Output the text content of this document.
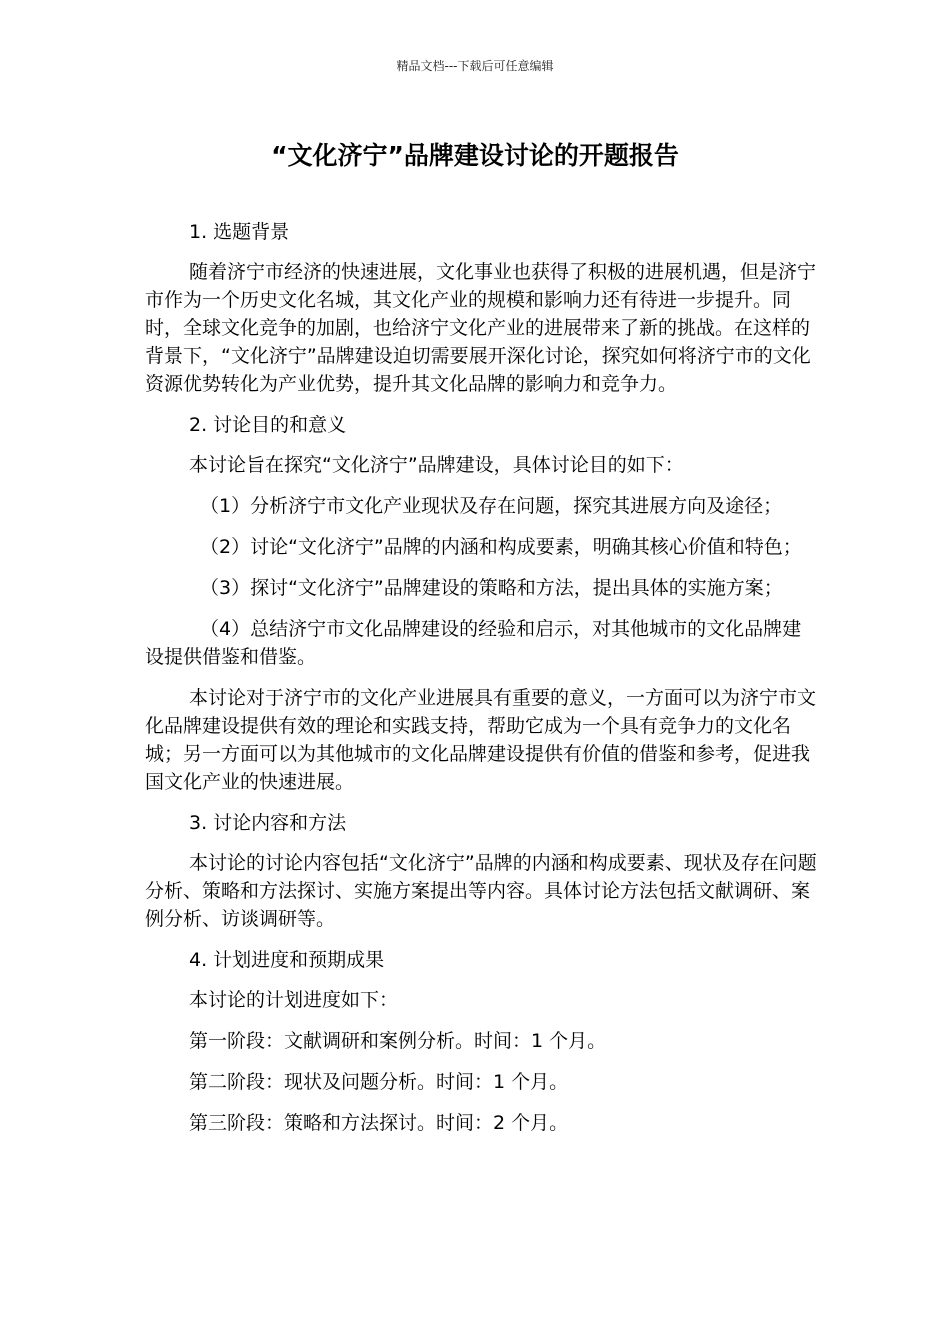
精品文档---下载后可任意编辑
“文化济宁”品牌建设讨论的开题报告

1. 选题背景

随着济宁市经济的快速进展，文化事业也获得了积极的进展机遇，但是济宁市作为一个历史文化名城，其文化产业的规模和影响力还有待进一步提升。同时，全球文化竞争的加剧，也给济宁文化产业的进展带来了新的挑战。在这样的背景下，“文化济宁”品牌建设迫切需要展开深化讨论，探究如何将济宁市的文化资源优势转化为产业优势，提升其文化品牌的影响力和竞争力。

2. 讨论目的和意义

本讨论旨在探究“文化济宁”品牌建设，具体讨论目的如下：

（1）分析济宁市文化产业现状及存在问题，探究其进展方向及途径；

（2）讨论“文化济宁”品牌的内涵和构成要素，明确其核心价值和特色；

（3）探讨“文化济宁”品牌建设的策略和方法，提出具体的实施方案；

（4）总结济宁市文化品牌建设的经验和启示，对其他城市的文化品牌建设提供借鉴和借鉴。

本讨论对于济宁市的文化产业进展具有重要的意义，一方面可以为济宁市文化品牌建设提供有效的理论和实践支持，帮助它成为一个具有竞争力的文化名城；另一方面可以为其他城市的文化品牌建设提供有价值的借鉴和参考，促进我国文化产业的快速进展。

3. 讨论内容和方法

本讨论的讨论内容包括“文化济宁”品牌的内涵和构成要素、现状及存在问题分析、策略和方法探讨、实施方案提出等内容。具体讨论方法包括文献调研、案例分析、访谈调研等。

4. 计划进度和预期成果

本讨论的计划进度如下：

第一阶段：文献调研和案例分析。时间：1 个月。

第二阶段：现状及问题分析。时间：1 个月。

第三阶段：策略和方法探讨。时间：2 个月。
